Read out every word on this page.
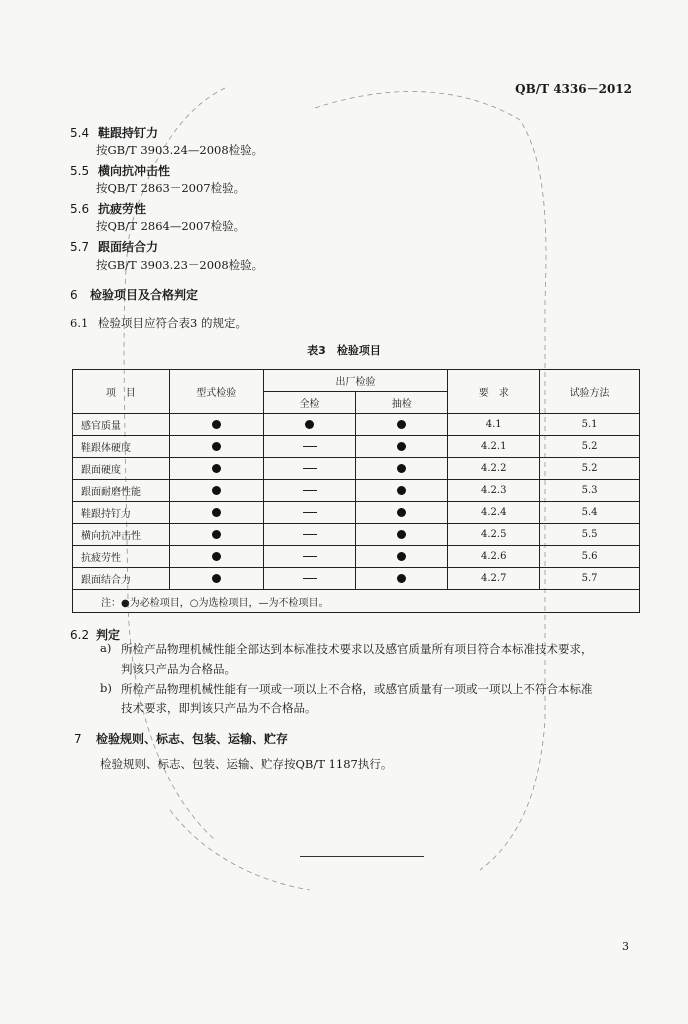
QB/T 4336－2012
5.4 鞋跟持钉力
按GB/T 3903.24—2008检验。
5.5 横向抗冲击性
按QB/T 2863－2007检验。
5.6 抗疲劳性
按QB/T 2864—2007检验。
5.7 跟面结合力
按GB/T 3903.23－2008检验。
6 检验项目及合格判定
6.1 检验项目应符合表3 的规定。
表3　检验项目
项　目	型式检验	出厂检验		要　求	试验方法
		全检	抽检		
感官质量				4.1	5.1
鞋跟体硬度				4.2.1	5.2
跟面硬度				4.2.2	5.2
跟面耐磨性能				4.2.3	5.3
鞋跟持钉力				4.2.4	5.4
横向抗冲击性				4.2.5	5.5
抗疲劳性				4.2.6	5.6
跟面结合力				4.2.7	5.7
注：●为必检项目，○为选检项目，—为不检项目。					
6.2 判定
a) 所检产品物理机械性能全部达到本标准技术要求以及感官质量所有项目符合本标准技术要求，
判该只产品为合格品。
b) 所检产品物理机械性能有一项或一项以上不合格，或感官质量有一项或一项以上不符合本标准
技术要求，即判该只产品为不合格品。
7 检验规则、标志、包装、运输、贮存
检验规则、标志、包装、运输、贮存按QB/T 1187执行。
3
